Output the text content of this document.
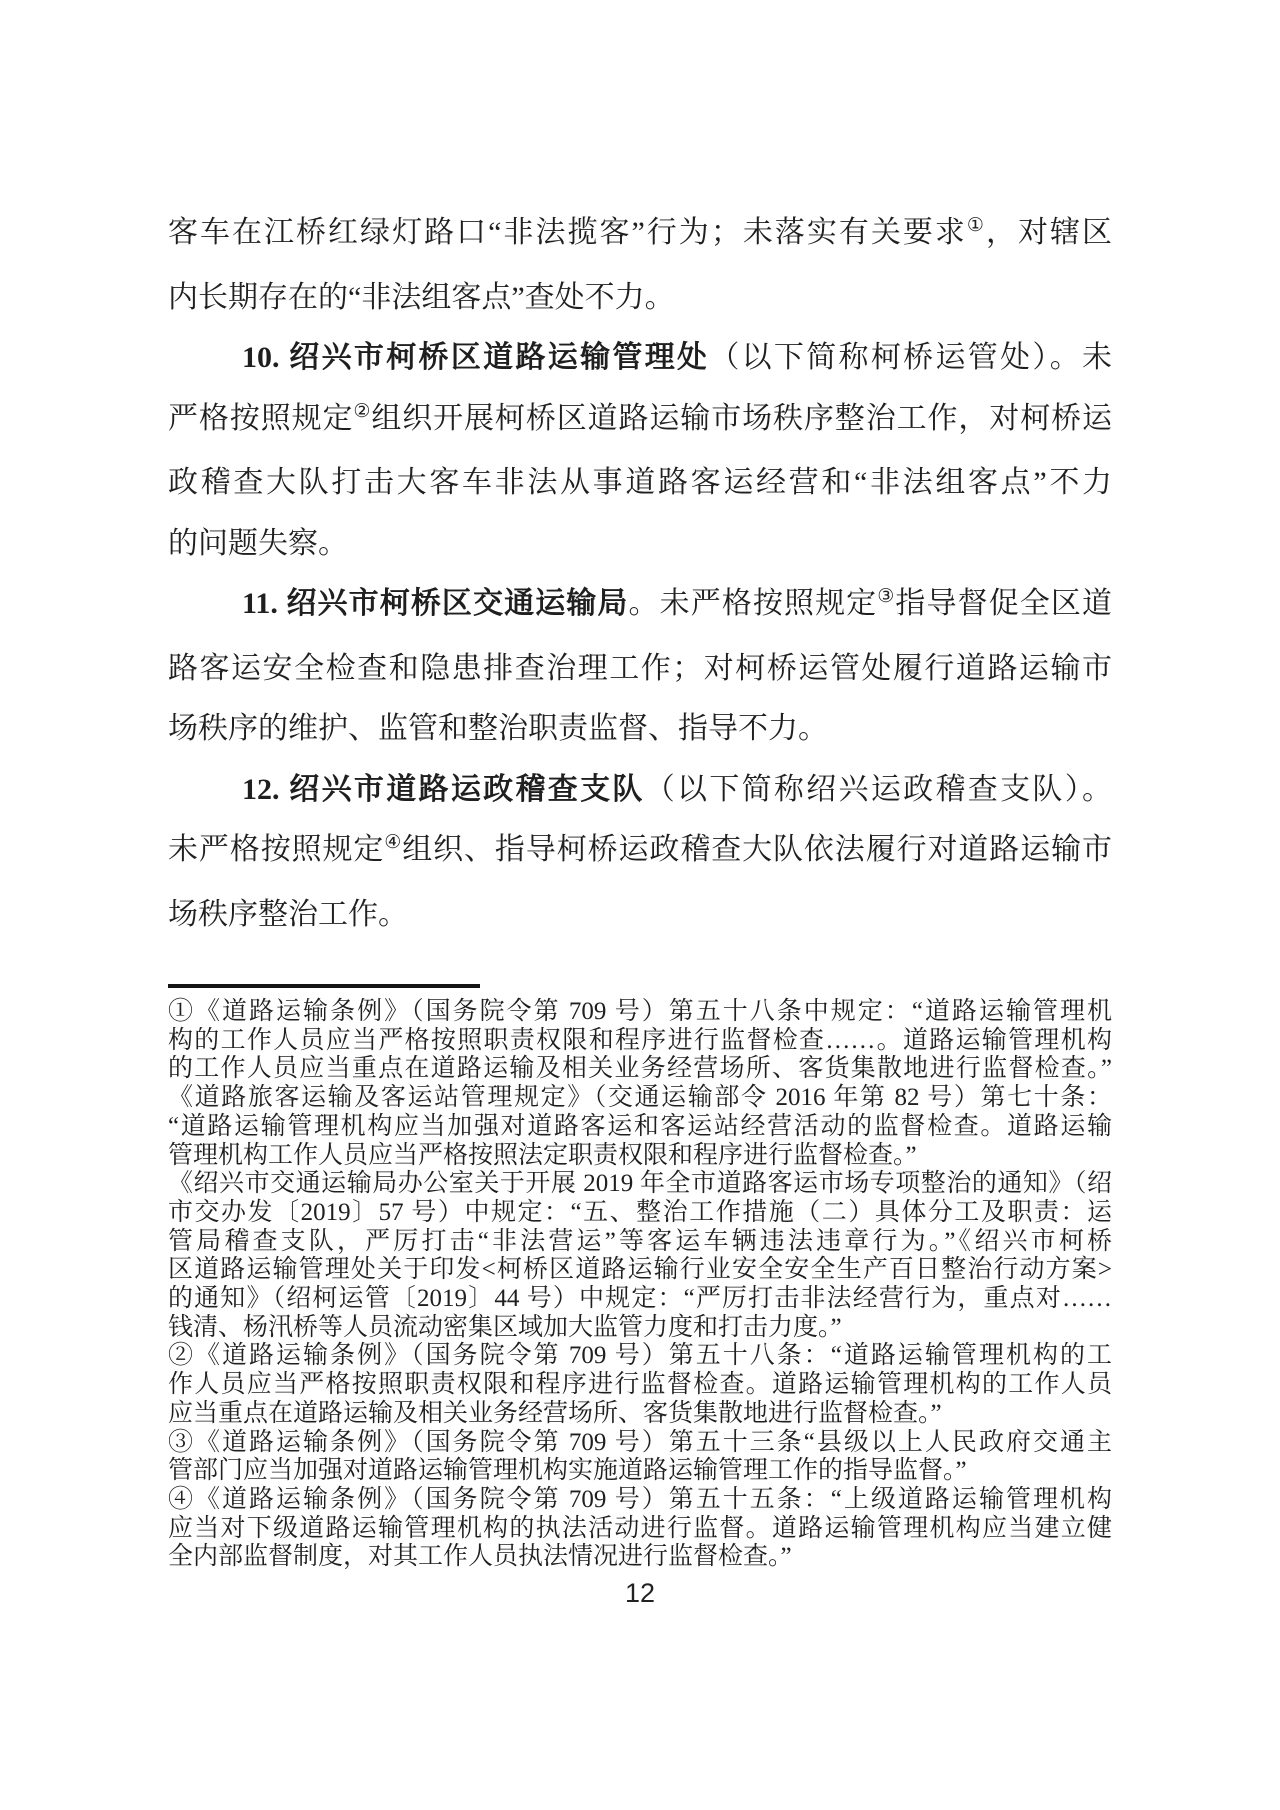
客车在江桥红绿灯路口“非法揽客”行为；未落实有关要求①，对辖区
内长期存在的“非法组客点”查处不力。
10. 绍兴市柯桥区道路运输管理处（以下简称柯桥运管处）。未
严格按照规定②组织开展柯桥区道路运输市场秩序整治工作，对柯桥运
政稽查大队打击大客车非法从事道路客运经营和“非法组客点”不力
的问题失察。
11. 绍兴市柯桥区交通运输局。未严格按照规定③指导督促全区道
路客运安全检查和隐患排查治理工作；对柯桥运管处履行道路运输市
场秩序的维护、监管和整治职责监督、指导不力。
12. 绍兴市道路运政稽查支队（以下简称绍兴运政稽查支队）。
未严格按照规定④组织、指导柯桥运政稽查大队依法履行对道路运输市
场秩序整治工作。
①《道路运输条例》（国务院令第 709 号）第五十八条中规定：“道路运输管理机
构的工作人员应当严格按照职责权限和程序进行监督检查……。道路运输管理机构
的工作人员应当重点在道路运输及相关业务经营场所、客货集散地进行监督检查。”
《道路旅客运输及客运站管理规定》（交通运输部令 2016 年第 82 号）第七十条：
“道路运输管理机构应当加强对道路客运和客运站经营活动的监督检查。道路运输
管理机构工作人员应当严格按照法定职责权限和程序进行监督检查。”
《绍兴市交通运输局办公室关于开展 2019 年全市道路客运市场专项整治的通知》（绍
市交办发〔2019〕57 号）中规定：“五、整治工作措施（二）具体分工及职责：运
管局稽查支队，严厉打击“非法营运”等客运车辆违法违章行为。”《绍兴市柯桥
区道路运输管理处关于印发<柯桥区道路运输行业安全安全生产百日整治行动方案>
的通知》（绍柯运管〔2019〕44 号）中规定：“严厉打击非法经营行为，重点对……
钱清、杨汛桥等人员流动密集区域加大监管力度和打击力度。”
②《道路运输条例》（国务院令第 709 号）第五十八条：“道路运输管理机构的工
作人员应当严格按照职责权限和程序进行监督检查。道路运输管理机构的工作人员
应当重点在道路运输及相关业务经营场所、客货集散地进行监督检查。”
③《道路运输条例》（国务院令第 709 号）第五十三条“县级以上人民政府交通主
管部门应当加强对道路运输管理机构实施道路运输管理工作的指导监督。”
④《道路运输条例》（国务院令第 709 号）第五十五条：“上级道路运输管理机构
应当对下级道路运输管理机构的执法活动进行监督。道路运输管理机构应当建立健
全内部监督制度，对其工作人员执法情况进行监督检查。”
12
